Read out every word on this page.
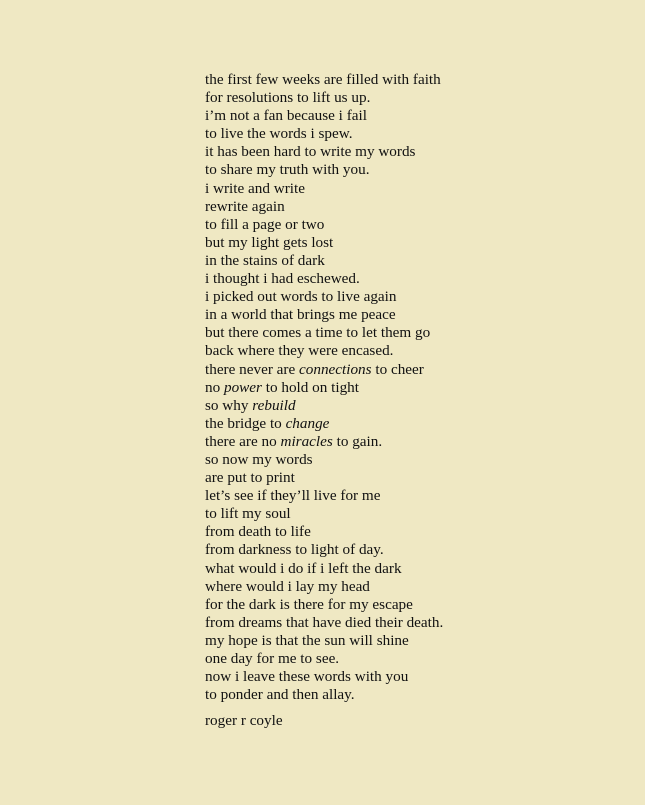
the first few weeks are filled with faith
for resolutions to lift us up.
i’m not a fan because i fail
to live the words i spew.
it has been hard to write my words
to share my truth with you.
i write and write
rewrite again
to fill a page or two
but my light gets lost
in the stains of dark
i thought i had eschewed.
i picked out words to live again
in a world that brings me peace
but there comes a time to let them go
back where they were encased.
there never are connections to cheer
no power to hold on tight
so why rebuild
the bridge to change
there are no miracles to gain.
so now my words
are put to print
let’s see if they’ll live for me
to lift my soul
from death to life
from darkness to light of day.
what would i do if i left the dark
where would i lay my head
for the dark is there for my escape
from dreams that have died their death.
my hope is that the sun will shine
one day for me to see.
now i leave these words with you
to ponder and then allay.
roger r coyle
